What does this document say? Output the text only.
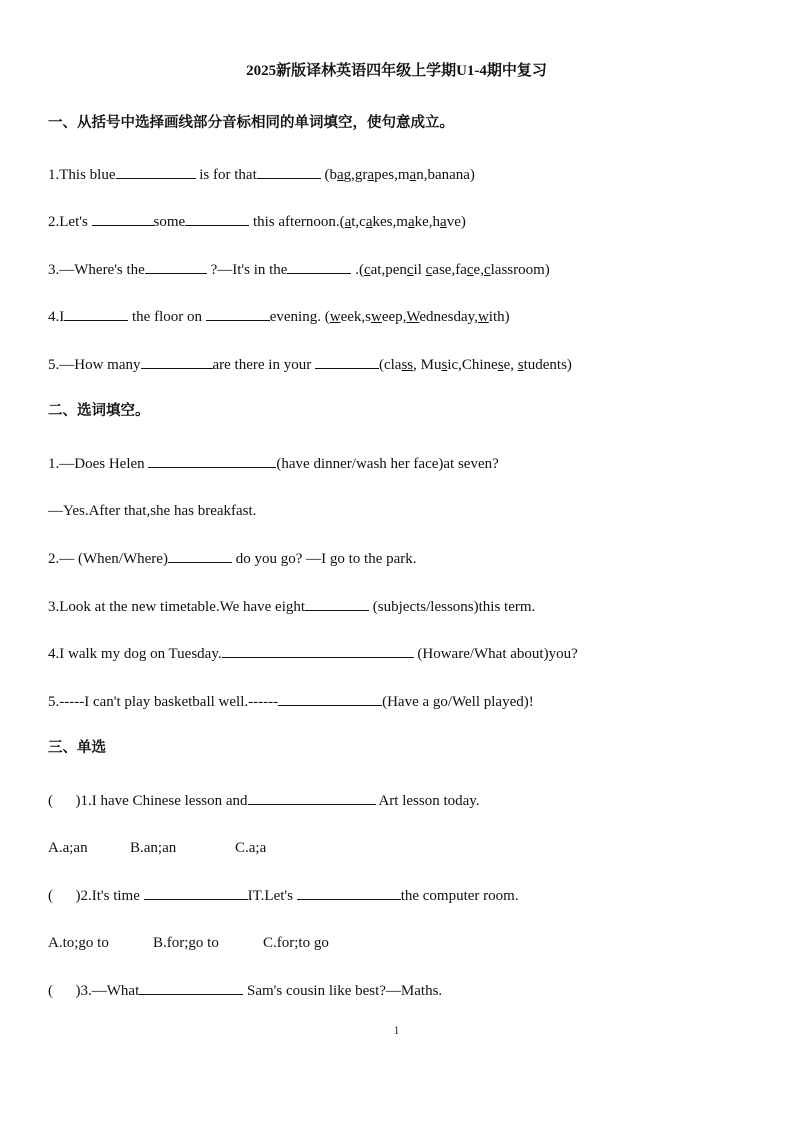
2025新版译林英语四年级上学期U1-4期中复习
一、从括号中选择画线部分音标相同的单词填空，使句意成立。
1.This blue	is for that	(bag,grapes,man,banana)
2.Let's	some	this afternoon.(at,cakes,make,have)
3.—Where's the	?—It's in the	.(cat,pencil case,face,classroom)
4.I	the floor on	evening. (week,sweep,Wednesday,with)
5.—How many	are there in your	(class, Music,Chinese, students)
二、选词填空。
1.—Does Helen	(have dinner/wash her face)at seven?
—Yes.After that,she has breakfast.
2.— (When/Where)	do you go? —I go to the park.
3.Look at the new timetable.We have eight	(subjects/lessons)this term.
4.I walk my dog on Tuesday.	(Howare/What about)you?
5.-----I can't play basketball well.------	(Have a go/Well played)!
三、单选
(      )1.I have Chinese lesson and	Art lesson today.
A.a;an	B.an;an	C.a;a
(      )2.It's time	IT.Let's	the computer room.
A.to;go to	B.for;go to	C.for;to go
(      )3.—What	Sam's cousin like best?—Maths.
1
